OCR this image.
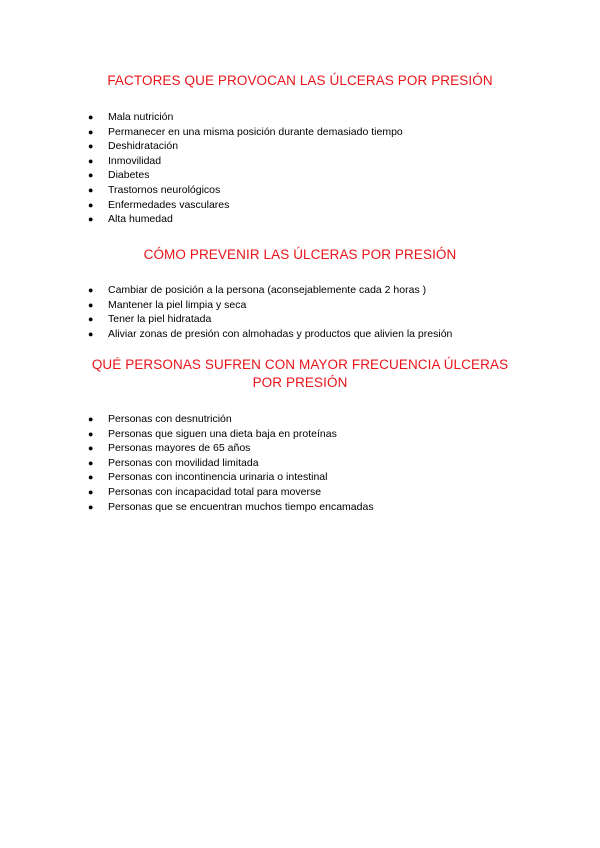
FACTORES QUE PROVOCAN LAS ÚLCERAS POR PRESIÓN
● Mala nutrición
● Permanecer en una misma posición durante demasiado tiempo
● Deshidratación
● Inmovilidad
● Diabetes
● Trastornos neurológicos
● Enfermedades vasculares
● Alta humedad
CÓMO PREVENIR LAS ÚLCERAS POR PRESIÓN
● Cambiar de posición a la persona (aconsejablemente cada 2 horas )
● Mantener la piel limpia y seca
● Tener la piel hidratada
● Aliviar zonas de presión con almohadas y productos que alivien la presión
QUÉ PERSONAS SUFREN CON MAYOR FRECUENCIA ÚLCERAS
POR PRESIÓN
● Personas con desnutrición
● Personas que siguen una dieta baja en proteínas
● Personas mayores de 65 años
● Personas con movilidad limitada
● Personas con incontinencia urinaria o intestinal
● Personas con incapacidad total para moverse
● Personas que se encuentran muchos tiempo encamadas
